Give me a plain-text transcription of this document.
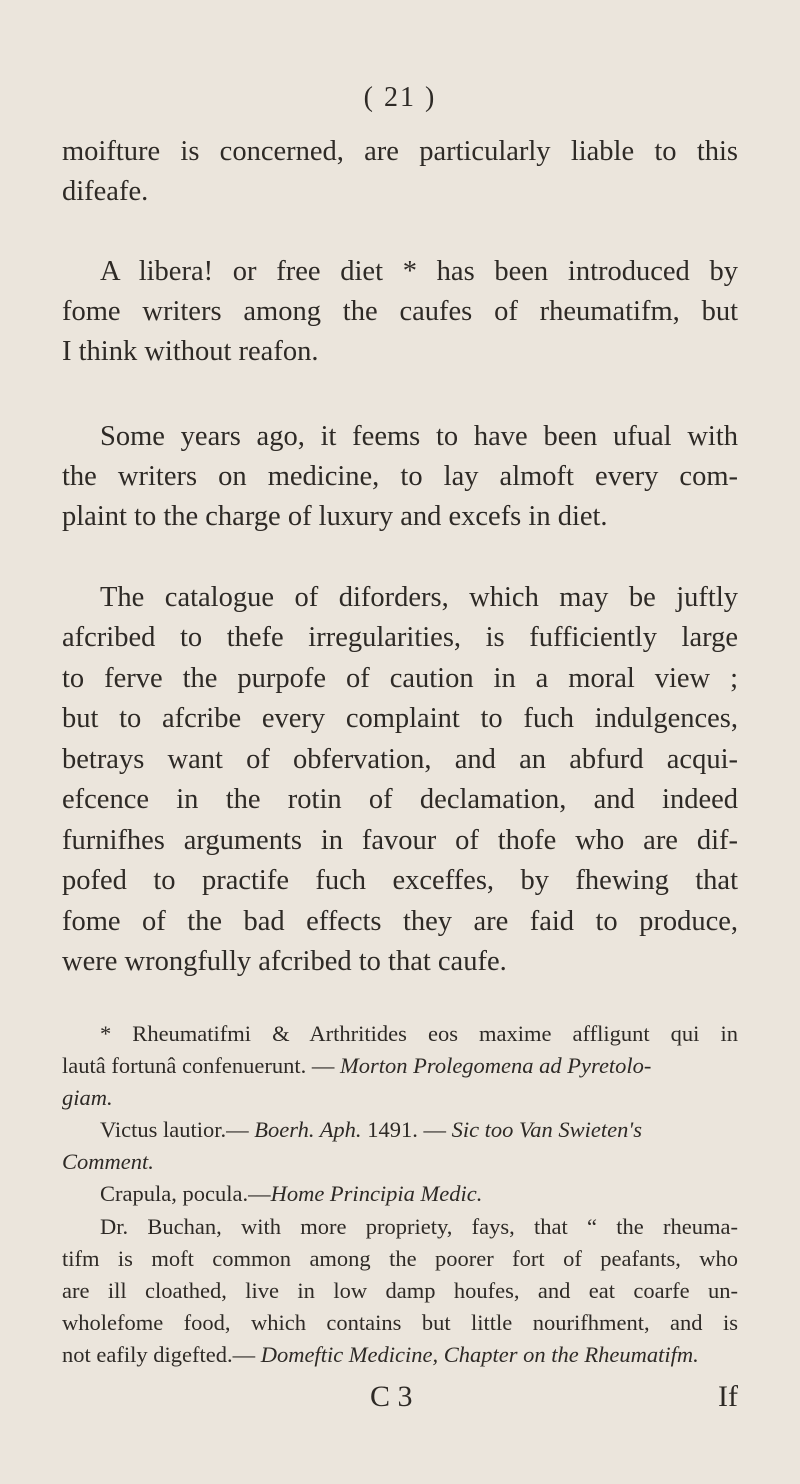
( 21 )
moifture is concerned, are particularly liable to this
difeafe.
A libera! or free diet * has been introduced by
fome writers among the caufes of rheumatifm, but
I think without reafon.
Some years ago, it feems to have been ufual with
the writers on medicine, to lay almoft every com-
plaint to the charge of luxury and excefs in diet.
The catalogue of diforders, which may be juftly
afcribed to thefe irregularities, is fufficiently large
to ferve the purpofe of caution in a moral view ;
but to afcribe every complaint to fuch indulgences,
betrays want of obfervation, and an abfurd acqui-
efcence in the rotin of declamation, and indeed
furnifhes arguments in favour of thofe who are dif-
pofed to practife fuch exceffes, by fhewing that
fome of the bad effects they are faid to produce,
were wrongfully afcribed to that caufe.
* Rheumatifmi & Arthritides eos maxime affligunt qui in
lautâ fortunâ confenuerunt. — Morton Prolegomena ad Pyretolo-
giam.
Victus lautior.— Boerh. Aph. 1491. — Sic too Van Swieten's
Comment.
Crapula, pocula.—Home Principia Medic.
Dr. Buchan, with more propriety, fays, that “ the rheuma-
tifm is moft common among the poorer fort of peafants, who
are ill cloathed, live in low damp houfes, and eat coarfe un-
wholefome food, which contains but little nourifhment, and is
not eafily digefted.— Domeftic Medicine, Chapter on the Rheumatifm.
C 3	If
